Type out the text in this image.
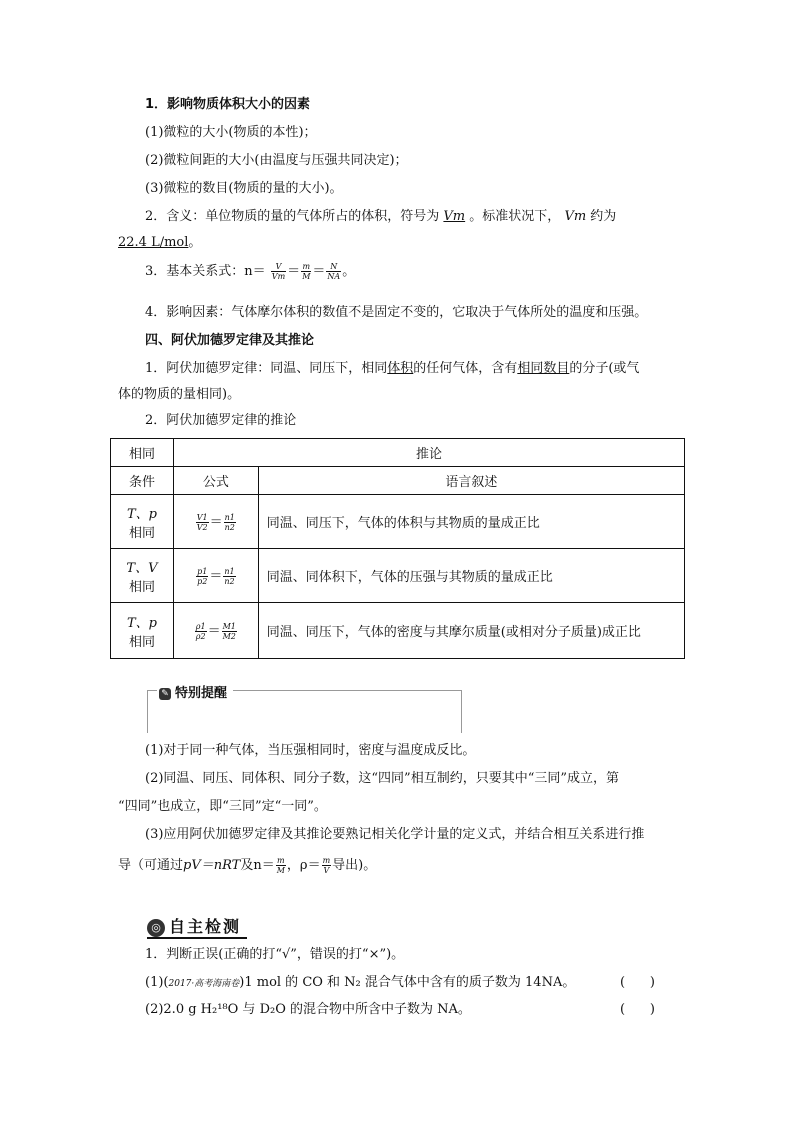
1．影响物质体积大小的因素
(1)微粒的大小(物质的本性)；
(2)微粒间距的大小(由温度与压强共同决定)；
(3)微粒的数目(物质的量的大小)。
2．含义：单位物质的量的气体所占的体积，符号为 Vm 。标准状况下， Vm 约为
22.4 L/mol。
3．基本关系式：$n= \frac{V}{Vm} = \frac{m}{M} = \frac{N}{NA}$ 。
4．影响因素：气体摩尔体积的数值不是固定不变的，它取决于气体所处的温度和压强。
四、阿伏加德罗定律及其推论
1．阿伏加德罗定律：同温、同压下，相同体积的任何气体，含有相同数目的分子(或气
体的物质的量相同)。
2．阿伏加德罗定律的推论
相同	推论	
条件	公式	语言叙述
T、p
相同	$\frac{V1}{V2} = \frac{n1}{n2}$	同温、同压下，气体的体积与其物质的量成正比
T、V
相同	$\frac{p1}{p2} = \frac{n1}{n2}$	同温、同体积下，气体的压强与其物质的量成正比
T、p
相同	$\frac{\rho 1}{\rho 2} = \frac{M1}{M2}$	同温、同压下，气体的密度与其摩尔质量(或相对分子质量)成正比
✎ 特别提醒
(1)对于同一种气体，当压强相同时，密度与温度成反比。
(2)同温、同压、同体积、同分子数，这“四同”相互制约，只要其中“三同”成立，第
“四同”也成立，即“三同”定“一同”。
(3)应用阿伏加德罗定律及其推论要熟记相关化学计量的定义式，并结合相互关系进行推
导（可通过pV＝nRT及$n= \frac{m}{M}$ ，$\rho= \frac{m}{V}$ 导出)。
◎ 自主检测
1．判断正误(正确的打“√”，错误的打“×”)。
(1)(2017·高考海南卷)1 mol 的 CO 和 N₂ 混合气体中含有的质子数为 14NA。	(      )
(2)2.0 g H₂¹⁸O 与 D₂O 的混合物中所含中子数为 NA。	(      )
